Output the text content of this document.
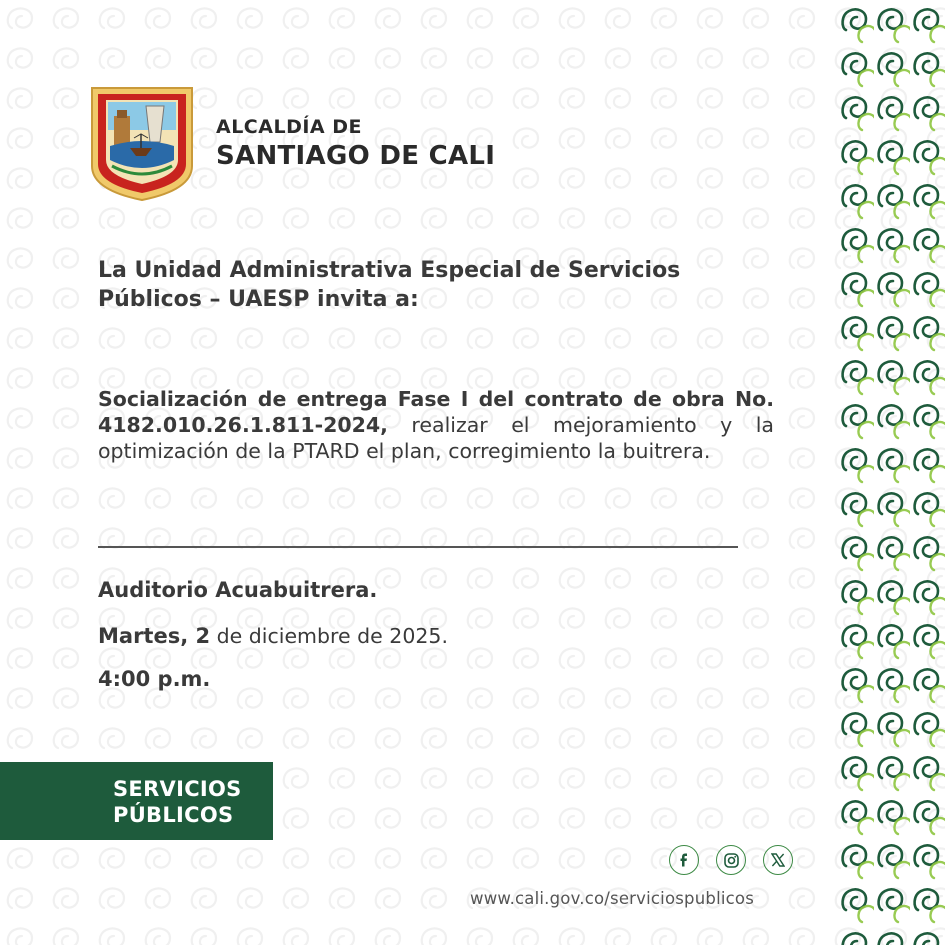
ALCALDÍA DE
SANTIAGO DE CALI
La Unidad Administrativa Especial de Servicios Públicos – UAESP invita a:
Socialización de entrega Fase I del contrato de obra No. 4182.010.26.1.811-2024, realizar el mejoramiento y la optimización de la PTARD el plan, corregimiento la buitrera.
Auditorio Acuabuitrera.
Martes, 2 de diciembre de 2025.
4:00 p.m.
SERVICIOS
PÚBLICOS
www.cali.gov.co/serviciospublicos
